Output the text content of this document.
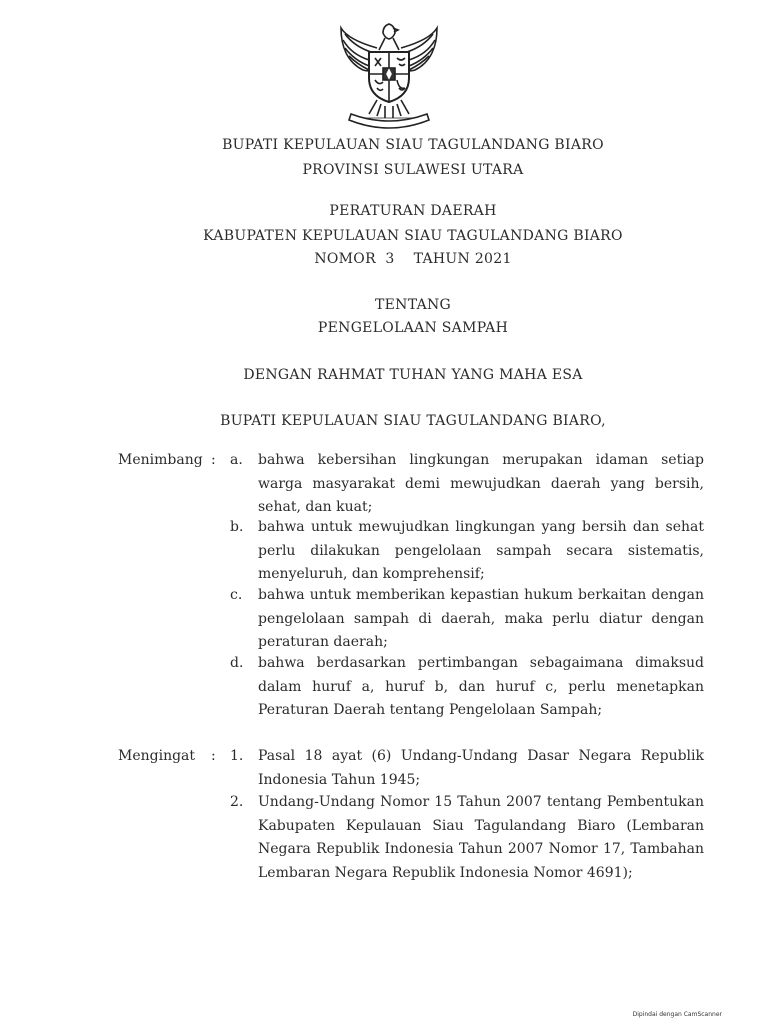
BUPATI KEPULAUAN SIAU TAGULANDANG BIARO
PROVINSI SULAWESI UTARA
PERATURAN DAERAH
KABUPATEN KEPULAUAN SIAU TAGULANDANG BIARO
NOMOR  3    TAHUN 2021
TENTANG
PENGELOLAAN SAMPAH
DENGAN RAHMAT TUHAN YANG MAHA ESA
BUPATI KEPULAUAN SIAU TAGULANDANG BIARO,
Menimbang : a. bahwa kebersihan lingkungan merupakan idaman setiap warga masyarakat demi mewujudkan daerah yang bersih, sehat, dan kuat;
b. bahwa untuk mewujudkan lingkungan yang bersih dan sehat perlu dilakukan pengelolaan sampah secara sistematis, menyeluruh, dan komprehensif;
c. bahwa untuk memberikan kepastian hukum berkaitan dengan pengelolaan sampah di daerah, maka perlu diatur dengan peraturan daerah;
d. bahwa berdasarkan pertimbangan sebagaimana dimaksud dalam huruf a, huruf b, dan huruf c, perlu menetapkan Peraturan Daerah tentang Pengelolaan Sampah;
Mengingat : 1. Pasal 18 ayat (6) Undang-Undang Dasar Negara Republik Indonesia Tahun 1945;
2. Undang-Undang Nomor 15 Tahun 2007 tentang Pembentukan Kabupaten Kepulauan Siau Tagulandang Biaro (Lembaran Negara Republik Indonesia Tahun 2007 Nomor 17, Tambahan Lembaran Negara Republik Indonesia Nomor 4691);
Dipindai dengan CamScanner
